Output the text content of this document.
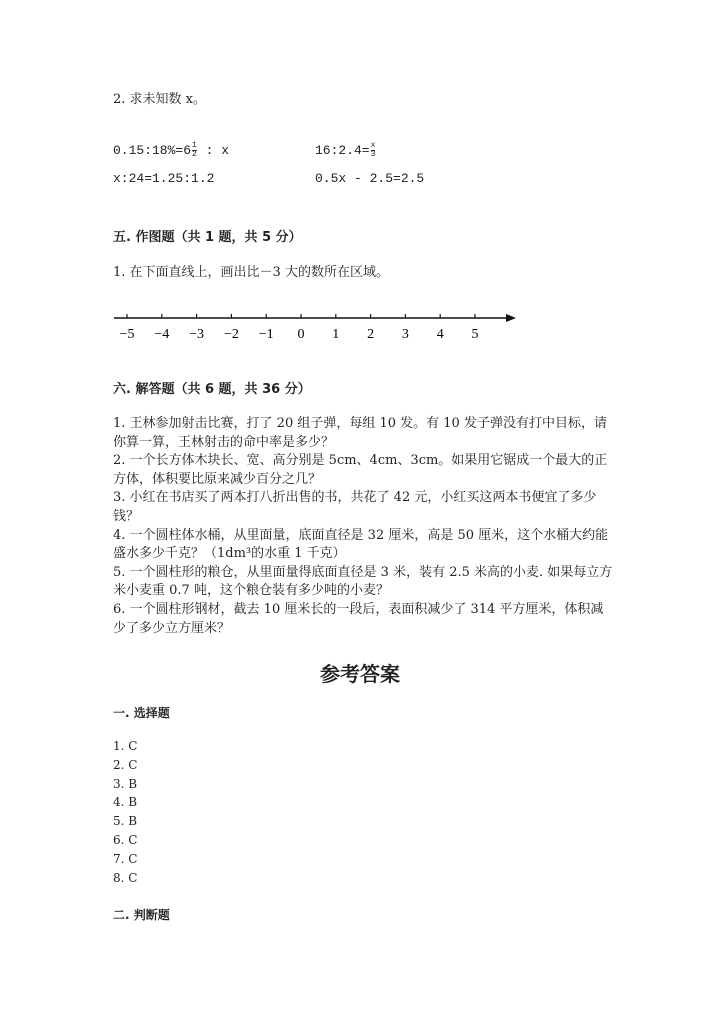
2. 求未知数 x。
0.15:18%=6 $\frac{1}{2}$ : x	16:2.4= $\frac{x}{3}$
x:24=1.25:1.2	0.5x - 2.5=2.5
五. 作图题（共 1 题，共 5 分）
1. 在下面直线上，画出比－3 大的数所在区域。
−5 −4 −3 −2 −1 0 1 2 3 4 5
六. 解答题（共 6 题，共 36 分）
1. 王林参加射击比赛，打了 20 组子弹，每组 10 发。有 10 发子弹没有打中目标，请你算一算，王林射击的命中率是多少？
2. 一个长方体木块长、宽、高分别是 5cm、4cm、3cm。如果用它锯成一个最大的正方体，体积要比原来减少百分之几？
3. 小红在书店买了两本打八折出售的书，共花了 42 元，小红买这两本书便宜了多少钱？
4. 一个圆柱体水桶，从里面量，底面直径是 32 厘米，高是 50 厘米，这个水桶大约能盛水多少千克？（1dm³的水重 1 千克）
5. 一个圆柱形的粮仓，从里面量得底面直径是 3 米，装有 2.5 米高的小麦. 如果每立方米小麦重 0.7 吨，这个粮仓装有多少吨的小麦？
6. 一个圆柱形钢材，截去 10 厘米长的一段后，表面积减少了 314 平方厘米，体积减少了多少立方厘米？
参考答案
一. 选择题
1. C
2. C
3. B
4. B
5. B
6. C
7. C
8. C
二. 判断题
